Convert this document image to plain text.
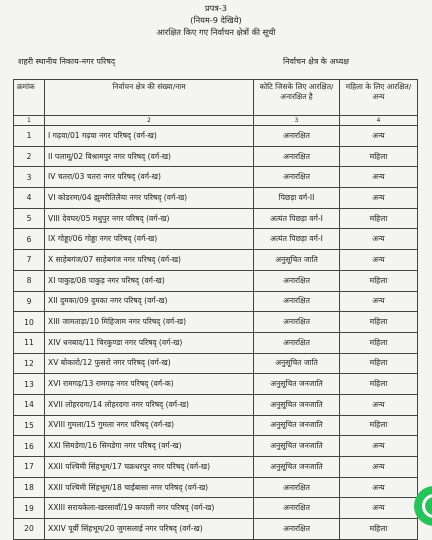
प्रपत्र-3
(नियम-9 देखिये)
आरक्षित किए गए निर्वाचन क्षेत्रों की सूची
शहरी स्थानीय निकाय-नगर परिषद्	निर्वाचन क्षेत्र के अध्यक्ष
क्रमांक	निर्वाचन क्षेत्र की संख्या/नाम	कोटि जिसके लिए आरक्षित/अनारक्षित है	महिला के लिए आरक्षित/अन्य
1	2	3	4
1	I गढ़वा/01 गढ़वा नगर परिषद् (वर्ग-ख)	अनारक्षित	अन्य
2	II पलामू/02 विश्रामपुर नगर परिषद् (वर्ग-ख)	अनारक्षित	महिला
3	IV चतरा/03 चतरा नगर परिषद् (वर्ग-ख)	अनारक्षित	अन्य
4	VI कोडरमा/04 झुमरीतिलैया नगर परिषद् (वर्ग-ख)	पिछड़ा वर्ग-II	अन्य
5	VIII देवघर/05 मधुपुर नगर परिषद् (वर्ग-ख)	अत्यंत पिछड़ा वर्ग-I	महिला
6	IX गोड्डा/06 गोड्डा नगर परिषद् (वर्ग-ख)	अत्यंत पिछड़ा वर्ग-I	अन्य
7	X साहेबगंज/07 साहेबगंज नगर परिषद् (वर्ग-ख)	अनुसूचित जाति	अन्य
8	XI पाकुड़/08 पाकुड़ नगर परिषद् (वर्ग-ख)	अनारक्षित	महिला
9	XII दुमका/09 दुमका नगर परिषद् (वर्ग-ख)	अनारक्षित	अन्य
10	XIII जामताड़ा/10 मिहिजाम नगर परिषद् (वर्ग-ख)	अनारक्षित	महिला
11	XIV धनबाद/11 चिरकुण्डा नगर परिषद् (वर्ग-ख)	अनारक्षित	महिला
12	XV बोकारो/12 फुसरो नगर परिषद् (वर्ग-ख)	अनुसूचित जाति	महिला
13	XVI रामगढ़/13 रामगढ़ नगर परिषद् (वर्ग-क)	अनुसूचित जनजाति	महिला
14	XVII लोहरदगा/14 लोहरदगा नगर परिषद् (वर्ग-ख)	अनुसूचित जनजाति	अन्य
15	XVIII गुमला/15 गुमला नगर परिषद् (वर्ग-ख)	अनुसूचित जनजाति	महिला
16	XXI सिमडेगा/16 सिमडेगा नगर परिषद् (वर्ग-ख)	अनुसूचित जनजाति	अन्य
17	XXII पश्चिमी सिंहभूम/17 चक्रधरपुर नगर परिषद् (वर्ग-ख)	अनुसूचित जनजाति	अन्य
18	XXII पश्चिमी सिंहभूम/18 चाईबासा नगर परिषद् (वर्ग-ख)	अनारक्षित	अन्य
19	XXIII सरायकेला-खरसावाँ/19 कपाली नगर परिषद् (वर्ग-ख)	अनारक्षित	अन्य
20	XXIV पूर्वी सिंहभूम/20 जुगसलाई नगर परिषद् (वर्ग-ख)	अनारक्षित	महिला
